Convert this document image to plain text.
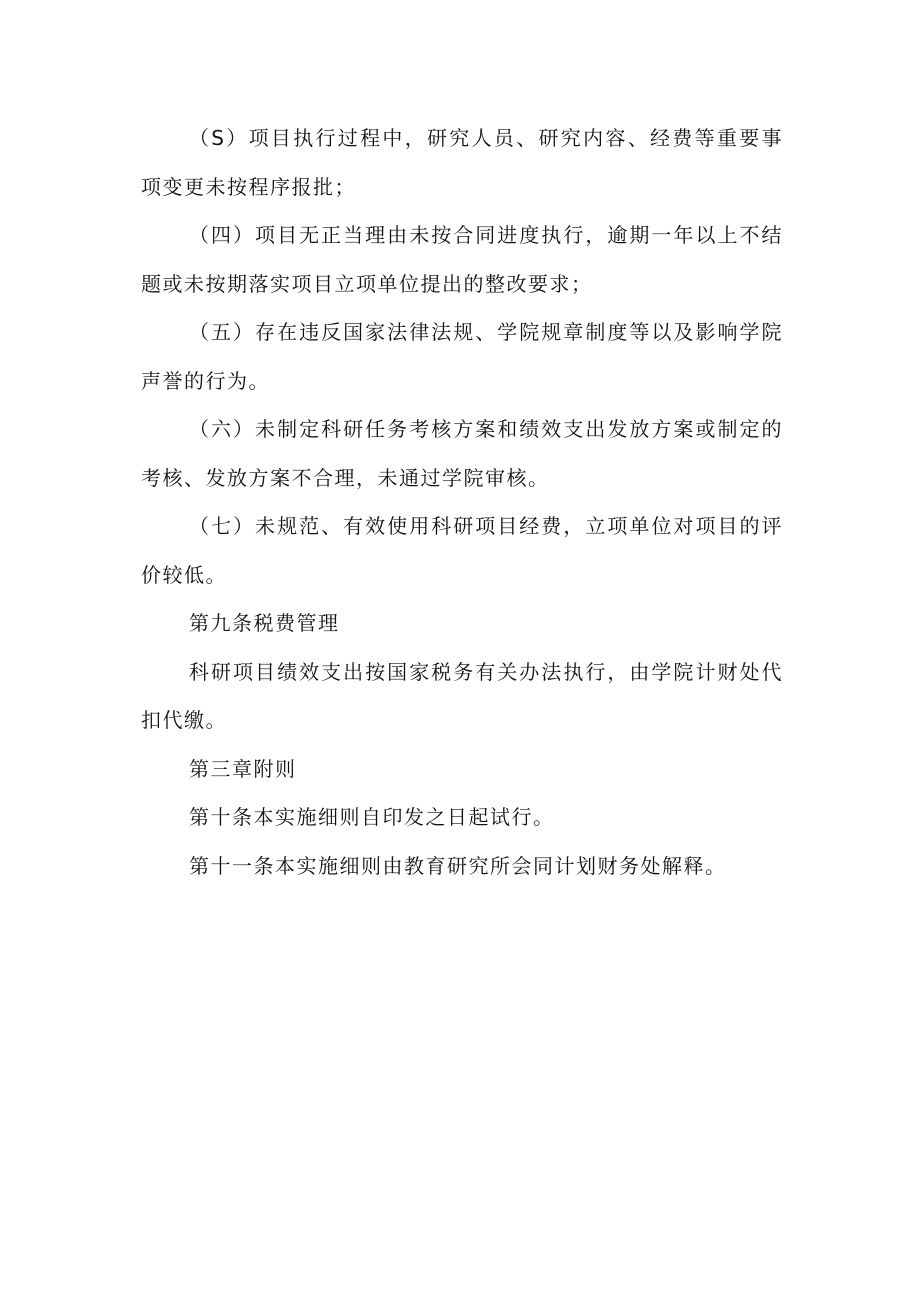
（S）项目执行过程中，研究人员、研究内容、经费等重要事项变更未按程序报批；

（四）项目无正当理由未按合同进度执行，逾期一年以上不结题或未按期落实项目立项单位提出的整改要求；

（五）存在违反国家法律法规、学院规章制度等以及影响学院声誉的行为。

（六）未制定科研任务考核方案和绩效支出发放方案或制定的考核、发放方案不合理，未通过学院审核。

（七）未规范、有效使用科研项目经费，立项单位对项目的评价较低。

第九条税费管理

科研项目绩效支出按国家税务有关办法执行，由学院计财处代扣代缴。

第三章附则

第十条本实施细则自印发之日起试行。

第十一条本实施细则由教育研究所会同计划财务处解释。
